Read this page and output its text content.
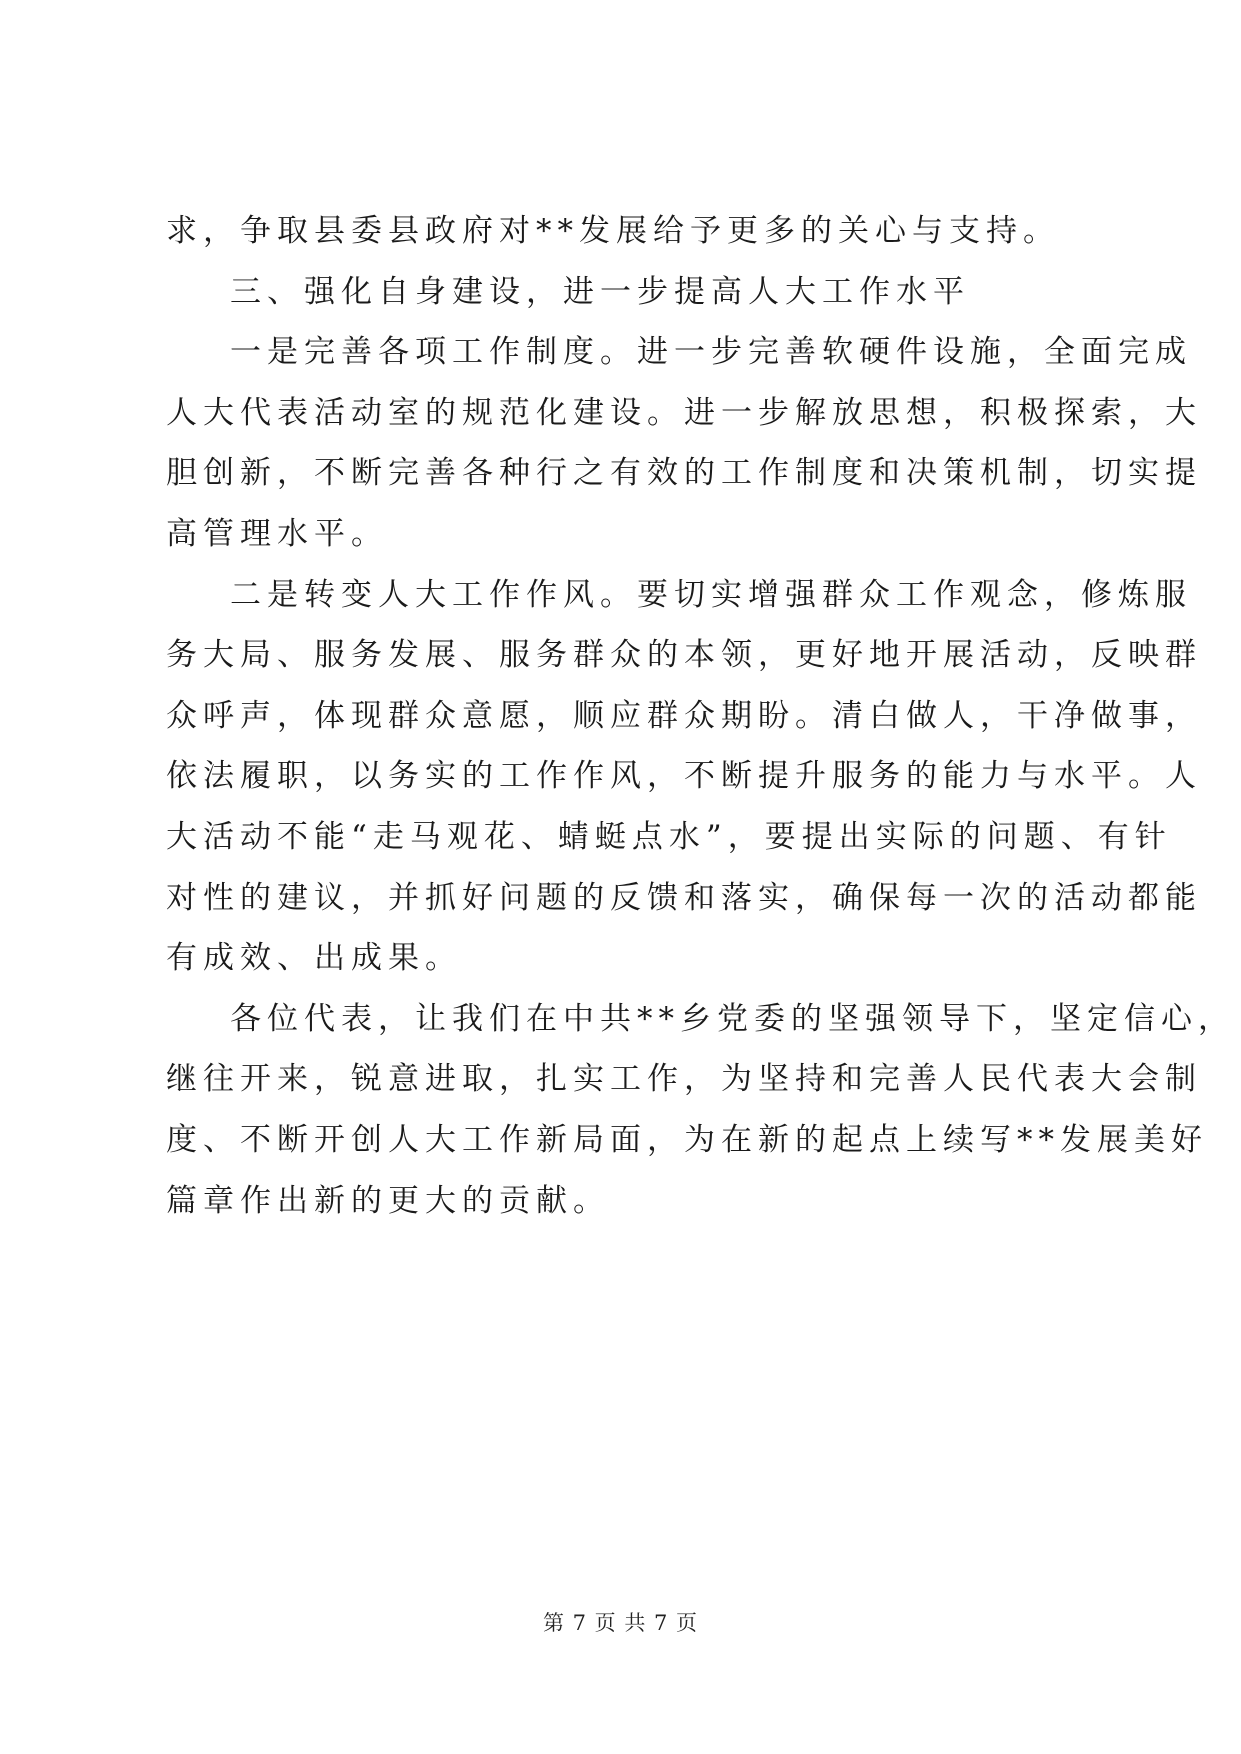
求，争取县委县政府对**发展给予更多的关心与支持。
三、强化自身建设，进一步提高人大工作水平
一是完善各项工作制度。进一步完善软硬件设施，全面完成
人大代表活动室的规范化建设。进一步解放思想，积极探索，大
胆创新，不断完善各种行之有效的工作制度和决策机制，切实提
高管理水平。
二是转变人大工作作风。要切实增强群众工作观念，修炼服
务大局、服务发展、服务群众的本领，更好地开展活动，反映群
众呼声，体现群众意愿，顺应群众期盼。清白做人，干净做事，
依法履职，以务实的工作作风，不断提升服务的能力与水平。人
大活动不能“走马观花、蜻蜓点水”，要提出实际的问题、有针
对性的建议，并抓好问题的反馈和落实，确保每一次的活动都能
有成效、出成果。
各位代表，让我们在中共**乡党委的坚强领导下，坚定信心，
继往开来，锐意进取，扎实工作，为坚持和完善人民代表大会制
度、不断开创人大工作新局面，为在新的起点上续写**发展美好
篇章作出新的更大的贡献。
第 7 页 共 7 页
